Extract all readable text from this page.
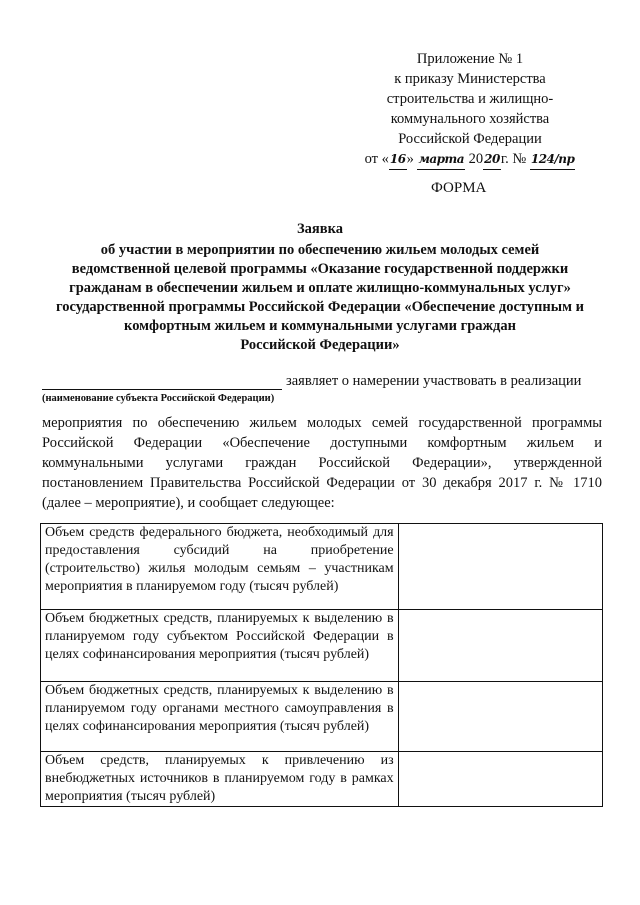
Приложение № 1
к приказу Министерства
строительства и жилищно-
коммунального хозяйства
Российской Федерации
от «16» марта 2020г. № 124/пр
ФОРМА
Заявка
об участии в мероприятии по обеспечению жильем молодых семей
ведомственной целевой программы «Оказание государственной поддержки
гражданам в обеспечении жильем и оплате жилищно-коммунальных услуг»
государственной программы Российской Федерации «Обеспечение доступным и
комфортным жильем и коммунальными услугами граждан
Российской Федерации»
заявляет о намерении участвовать в реализации
(наименование субъекта Российской Федерации)
мероприятия по обеспечению жильем молодых семей государственной программы Российской Федерации «Обеспечение доступными комфортным жильем и коммунальными услугами граждан Российской Федерации», утвержденной постановлением Правительства Российской Федерации от 30 декабря 2017 г. № 1710 (далее – мероприятие), и сообщает следующее:
Объем средств федерального бюджета, необходимый для предоставления субсидий на приобретение (строительство) жилья молодым семьям – участникам мероприятия в планируемом году (тысяч рублей)	
Объем бюджетных средств, планируемых к выделению в планируемом году субъектом Российской Федерации в целях софинансирования мероприятия (тысяч рублей)	
Объем бюджетных средств, планируемых к выделению в планируемом году органами местного самоуправления в целях софинансирования мероприятия (тысяч рублей)	
Объем средств, планируемых к привлечению из внебюджетных источников в планируемом году в рамках мероприятия (тысяч рублей)	
